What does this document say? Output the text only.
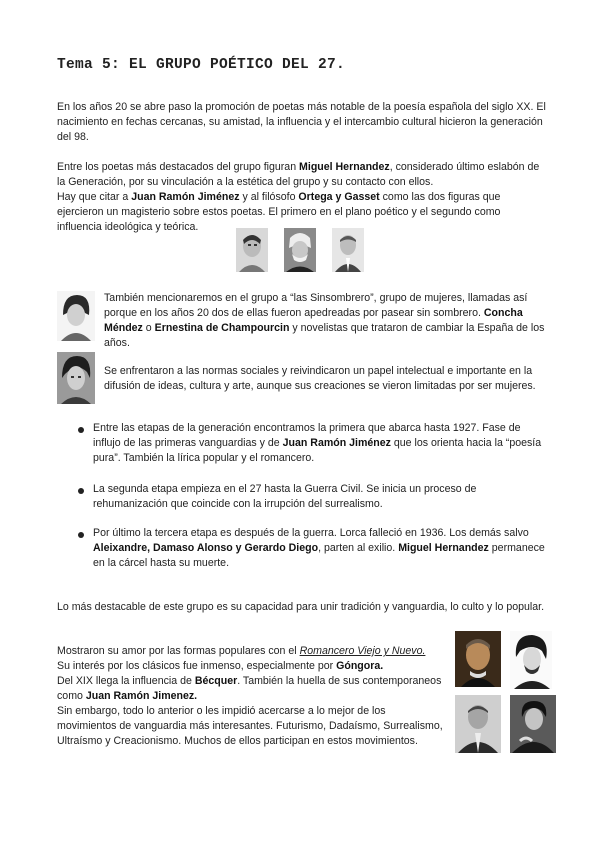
Tema 5: EL GRUPO POÉTICO DEL 27.
En los años 20 se abre paso la promoción de poetas más notable de la poesía española del siglo XX. El nacimiento en fechas cercanas, su amistad, la influencia y el intercambio cultural hicieron la generación del 98.
Entre los poetas más destacados del grupo figuran Miguel Hernandez, considerado último eslabón de la Generación, por su vinculación a la estética del grupo y su contacto con ellos.
Hay que citar a Juan Ramón Jiménez y al filósofo Ortega y Gasset como las dos figuras que ejercieron un magisterio sobre estos poetas. El primero en el plano poético y el segundo como influencia ideológica y teórica.
También mencionaremos en el grupo a “las Sinsombrero”, grupo de mujeres, llamadas así porque en los años 20 dos de ellas fueron apedreadas por pasear sin sombrero. Concha Méndez o Ernestina de Champourcin y novelistas que trataron de cambiar la España de los años.
Se enfrentaron a las normas sociales y reivindicaron un papel intelectual e importante en la difusión de ideas, cultura y arte, aunque sus creaciones se vieron limitadas por ser mujeres.
Entre las etapas de la generación encontramos la primera que abarca hasta 1927. Fase de influjo de las primeras vanguardias y de Juan Ramón Jiménez que los orienta hacia la “poesía pura”. También la lírica popular y el romancero.
La segunda etapa empieza en el 27 hasta la Guerra Civil. Se inicia un proceso de rehumanización que coincide con la irrupción del surrealismo.
Por último la tercera etapa es después de la guerra. Lorca falleció en 1936. Los demás salvo Aleixandre, Damaso Alonso y Gerardo Diego, parten al exilio. Miguel Hernandez permanece en la cárcel hasta su muerte.
Lo más destacable de este grupo es su capacidad para unir tradición y vanguardia, lo culto y lo popular.
Mostraron su amor por las formas populares con el Romancero Viejo y Nuevo.
Su interés por los clásicos fue inmenso, especialmente por Góngora.
Del XIX llega la influencia de Bécquer. También la huella de sus contemporaneos como Juan Ramón Jimenez.
Sin embargo, todo lo anterior o les impidió acercarse a lo mejor de los movimientos de vanguardia más interesantes. Futurismo, Dadaísmo, Surrealismo, Ultraísmo y Creacionismo. Muchos de ellos participan en estos movimientos.
